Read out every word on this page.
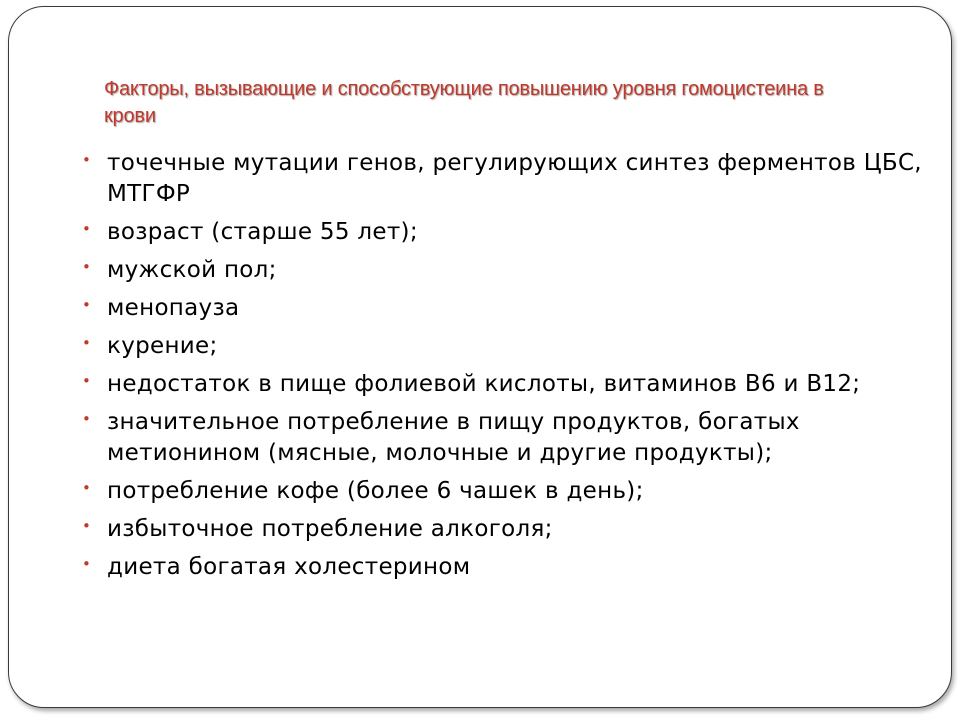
Факторы, вызывающие и способствующие повышению уровня гомоцистеина в крови
• точечные мутации генов, регулирующих синтез ферментов ЦБС, МТГФР
• возраст (старше 55 лет);
• мужской пол;
• менопауза
• курение;
• недостаток в пище фолиевой кислоты, витаминов В6 и В12;
• значительное потребление в пищу продуктов, богатых метионином (мясные, молочные и другие продукты);
• потребление кофе (более 6 чашек в день);
• избыточное потребление алкоголя;
• диета богатая холестерином
